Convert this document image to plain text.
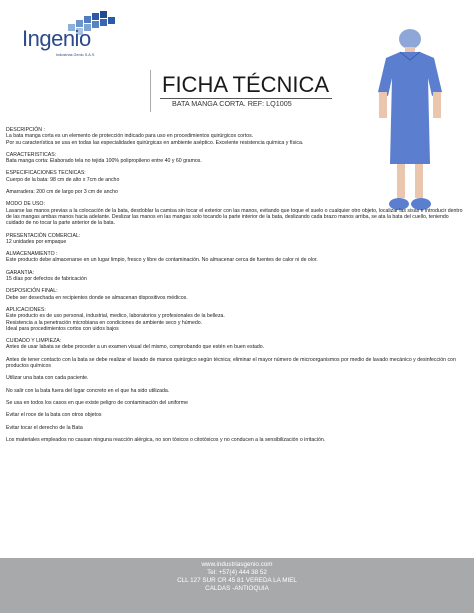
Ingenio
Industrias Genio S.A.S
FICHA TÉCNICA
BATA MANGA CORTA. REF: LQ1005

DESCRIPCIÓN :

La bata manga corta es un elemento de protección indicado para uso en procedimientos quirúrgicos cortos.

Por su característica se usa en todas las especialidades quirúrgicas en ambiente aséptico. Excelente resistencia química y física.

CARACTERISTICAS:

Bata manga corta: Elaborado tela no tejida 100% polipropileno entre 40 y 60 gramos.

ESPECIFICACIONES TECNICAS:

Cuerpo de la bata: 98 cm de alto x 7cm de ancho

Amarradera: 200 cm de largo por 3 cm de ancho

MODO DE USO:

Lavarse las manos previas a la colocación de la bata, desdoblar la camisa sin tocar el exterior con las manos, evitando que toque el suelo o cualquier otro objeto, localizar las sisas e introducir dentro de las mangas ambas manos hacia adelante. Deslizar las manos en las mangas solo tocando la parte interior de la bata, deslizando cada brazo manos arriba, se ata la bata del cuello, teniendo cuidado de no tocar la parte anterior de la bata.

PRESENTACIÓN COMERCIAL:

12 unidades por empaque

ALMACENAMIENTO :

Este producto debe almacenarse en un lugar limpio, fresco y libre de contaminación. No almacenar cerca de fuentes de calor ni de olor.

GARANTIA:

15 días por defectos de fabricación

DISPOSICIÓN FINAL:

Debe ser desechada en recipientes donde se almacenan dispositivos médicos.

APLICACIONES:

Este producto es de uso personal, industrial, medico, laboratorios y profesionales de la belleza.

Resistencia a la penetración microbiana en condiciones de ambiente seco y húmedo.

Ideal para procedimientos cortos con uidos bajos

CUIDADO Y LIMPIEZA:

Antes de usar labata se debe proceder a un examen visual del mismo, comprobando que estén en buen estado.

Antes de tener contacto con la bata se debe realizar el lavado de manos quirúrgico según técnica; eliminar el mayor número de microorganismos por medio de lavado mecánico y desinfección con productos químicos

Utilizar una bata con cada paciente.

No salir con la bata fuera del lugar concreto en el que ha sido utilizada.

Se usa en todos los casos en que existe peligro de contaminación del uniforme

Evitar el roce de la bata con otros objetos

Evitar tocar el derecho de la Bata

Los materiales empleados no causan ninguna reacción alérgica, no son tóxicos o citotóxicos y no conducen a la sensibilización o irritación.

www.industriasgenio.com
Tel: +57(4) 444 38 52
CLL 127 SUR CR 45 81 VEREDA LA MIEL
CALDAS -ANTIOQUIA
